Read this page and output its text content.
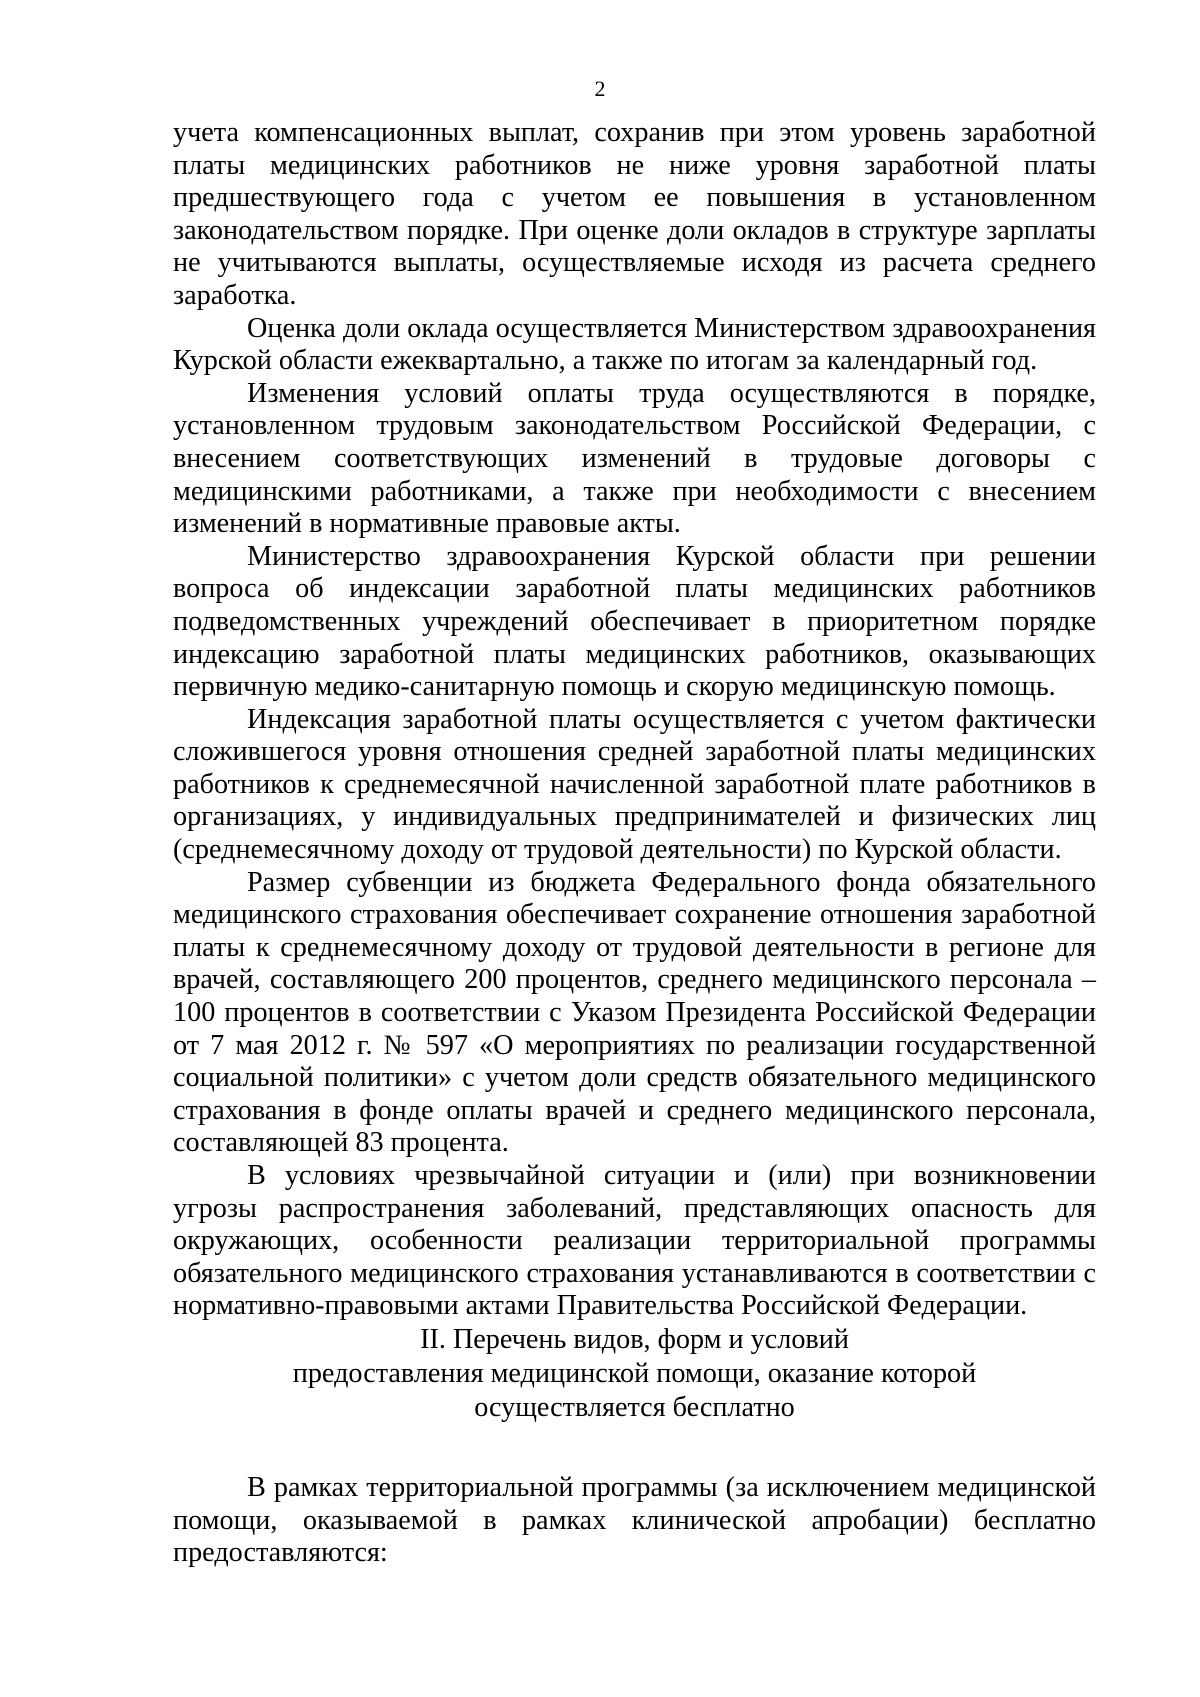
2

учета компенсационных выплат, сохранив при этом уровень заработной платы медицинских работников не ниже уровня заработной платы предшествующего года с учетом ее повышения в установленном законодательством порядке. При оценке доли окладов в структуре зарплаты не учитываются выплаты, осуществляемые исходя из расчета среднего заработка.

Оценка доли оклада осуществляется Министерством здравоохранения Курской области ежеквартально, а также по итогам за календарный год.

Изменения условий оплаты труда осуществляются в порядке, установленном трудовым законодательством Российской Федерации, с внесением соответствующих изменений в трудовые договоры с медицинскими работниками, а также при необходимости с внесением изменений в нормативные правовые акты.

Министерство здравоохранения Курской области при решении вопроса об индексации заработной платы медицинских работников подведомственных учреждений обеспечивает в приоритетном порядке индексацию заработной платы медицинских работников, оказывающих первичную медико-санитарную помощь и скорую медицинскую помощь.

Индексация заработной платы осуществляется с учетом фактически сложившегося уровня отношения средней заработной платы медицинских работников к среднемесячной начисленной заработной плате работников в организациях, у индивидуальных предпринимателей и физических лиц (среднемесячному доходу от трудовой деятельности) по Курской области.

Размер субвенции из бюджета Федерального фонда обязательного медицинского страхования обеспечивает сохранение отношения заработной платы к среднемесячному доходу от трудовой деятельности в регионе для врачей, составляющего 200 процентов, среднего медицинского персонала – 100 процентов в соответствии с Указом Президента Российской Федерации от 7 мая 2012 г. № 597 «О мероприятиях по реализации государственной социальной политики» с учетом доли средств обязательного медицинского страхования в фонде оплаты врачей и среднего медицинского персонала, составляющей 83 процента.

В условиях чрезвычайной ситуации и (или) при возникновении угрозы распространения заболеваний, представляющих опасность для окружающих, особенности реализации территориальной программы обязательного медицинского страхования устанавливаются в соответствии с нормативно-правовыми актами Правительства Российской Федерации.

II. Перечень видов, форм и условий
предоставления медицинской помощи, оказание которой
осуществляется бесплатно

В рамках территориальной программы (за исключением медицинской помощи, оказываемой в рамках клинической апробации) бесплатно предоставляются:
